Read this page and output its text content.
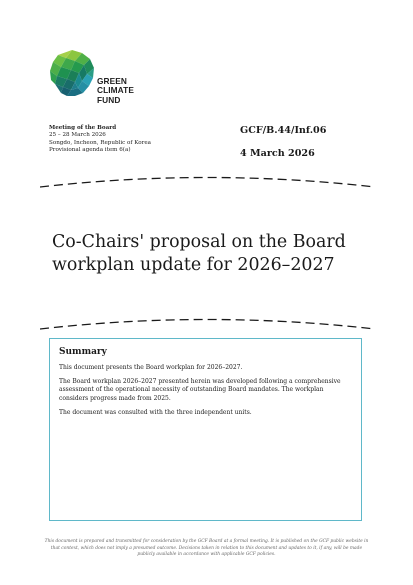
GREEN
CLIMATE
FUND
Meeting of the Board
25 – 28 March 2026
Songdo, Incheon, Republic of Korea
Provisional agenda item 6(a)
GCF/B.44/Inf.06
4 March 2026
Co-Chairs' proposal on the Board workplan update for 2026–2027
Summary

This document presents the Board workplan for 2026–2027.

The Board workplan 2026–2027 presented herein was developed following a comprehensive assessment of the operational necessity of outstanding Board mandates. The workplan considers progress made from 2025.

The document was consulted with the three independent units.

This document is prepared and transmitted for consideration by the GCF Board at a formal meeting. It is published on the GCF public website in that context, which does not imply a presumed outcome. Decisions taken in relation to this document and updates to it, if any, will be made publicly available in accordance with applicable GCF policies.
